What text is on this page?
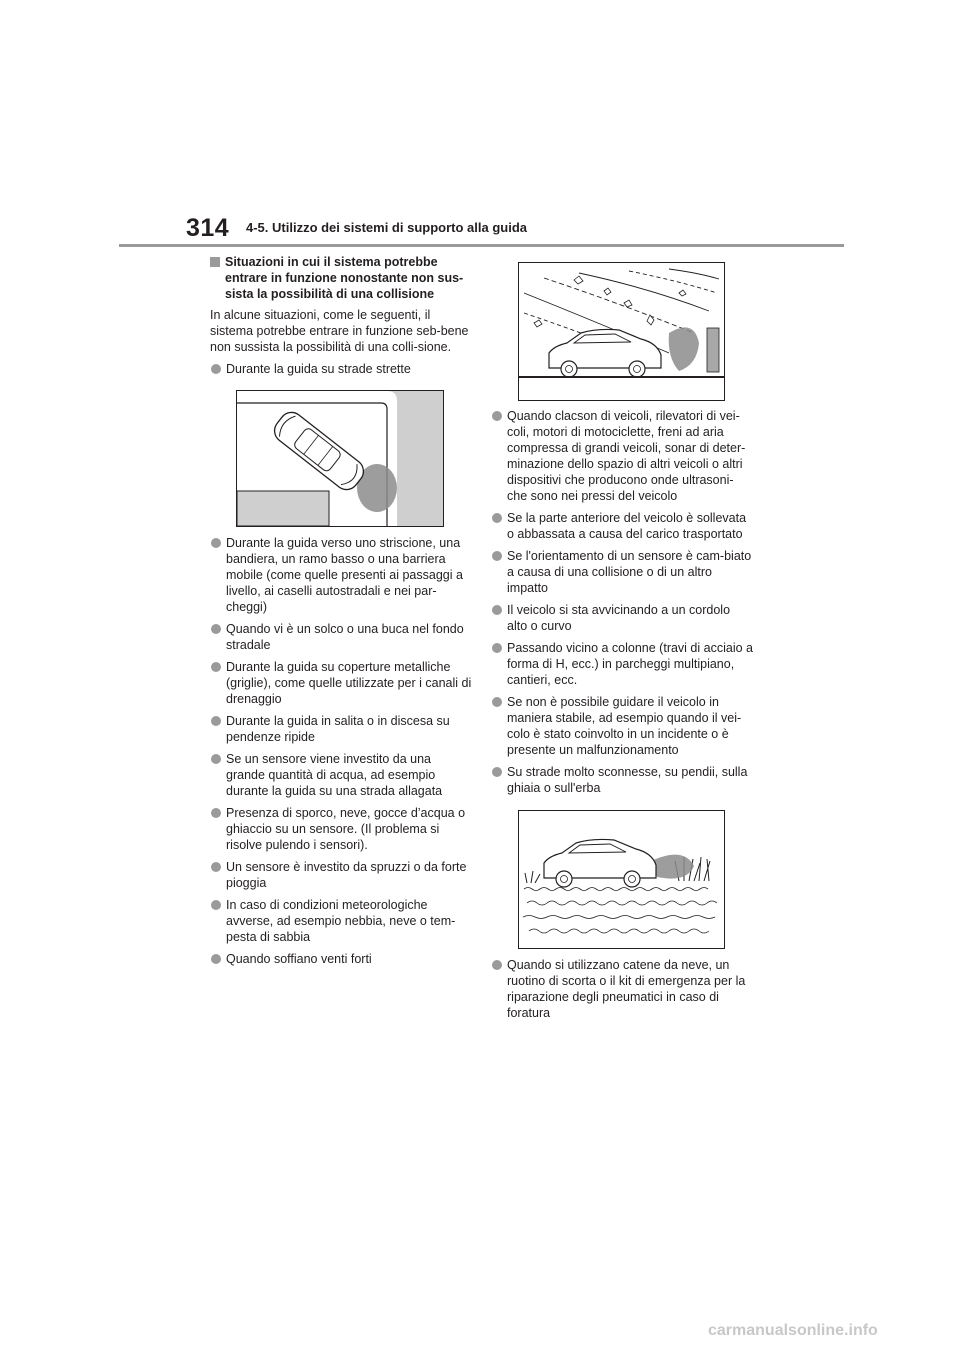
314 4-5. Utilizzo dei sistemi di supporto alla guida
Situazioni in cui il sistema potrebbe entrare in funzione nonostante non sus-sista la possibilità di una collisione
In alcune situazioni, come le seguenti, il sistema potrebbe entrare in funzione seb-bene non sussista la possibilità di una colli-sione.
Durante la guida su strade strette
Durante la guida verso uno striscione, una bandiera, un ramo basso o una barriera mobile (come quelle presenti ai passaggi a livello, ai caselli autostradali e nei par-cheggi)
Quando vi è un solco o una buca nel fondo stradale
Durante la guida su coperture metalliche (griglie), come quelle utilizzate per i canali di drenaggio
Durante la guida in salita o in discesa su pendenze ripide
Se un sensore viene investito da una grande quantità di acqua, ad esempio durante la guida su una strada allagata
Presenza di sporco, neve, gocce d’acqua o ghiaccio su un sensore. (Il problema si risolve pulendo i sensori).
Un sensore è investito da spruzzi o da forte pioggia
In caso di condizioni meteorologiche avverse, ad esempio nebbia, neve o tem-pesta di sabbia
Quando soffiano venti forti
Quando clacson di veicoli, rilevatori di vei-coli, motori di motociclette, freni ad aria compressa di grandi veicoli, sonar di deter-minazione dello spazio di altri veicoli o altri dispositivi che producono onde ultrasoni-che sono nei pressi del veicolo
Se la parte anteriore del veicolo è sollevata o abbassata a causa del carico trasportato
Se l'orientamento di un sensore è cam-biato a causa di una collisione o di un altro impatto
Il veicolo si sta avvicinando a un cordolo alto o curvo
Passando vicino a colonne (travi di acciaio a forma di H, ecc.) in parcheggi multipiano, cantieri, ecc.
Se non è possibile guidare il veicolo in maniera stabile, ad esempio quando il vei-colo è stato coinvolto in un incidente o è presente un malfunzionamento
Su strade molto sconnesse, su pendii, sulla ghiaia o sull'erba
Quando si utilizzano catene da neve, un ruotino di scorta o il kit di emergenza per la riparazione degli pneumatici in caso di foratura
carmanualsonline.info
